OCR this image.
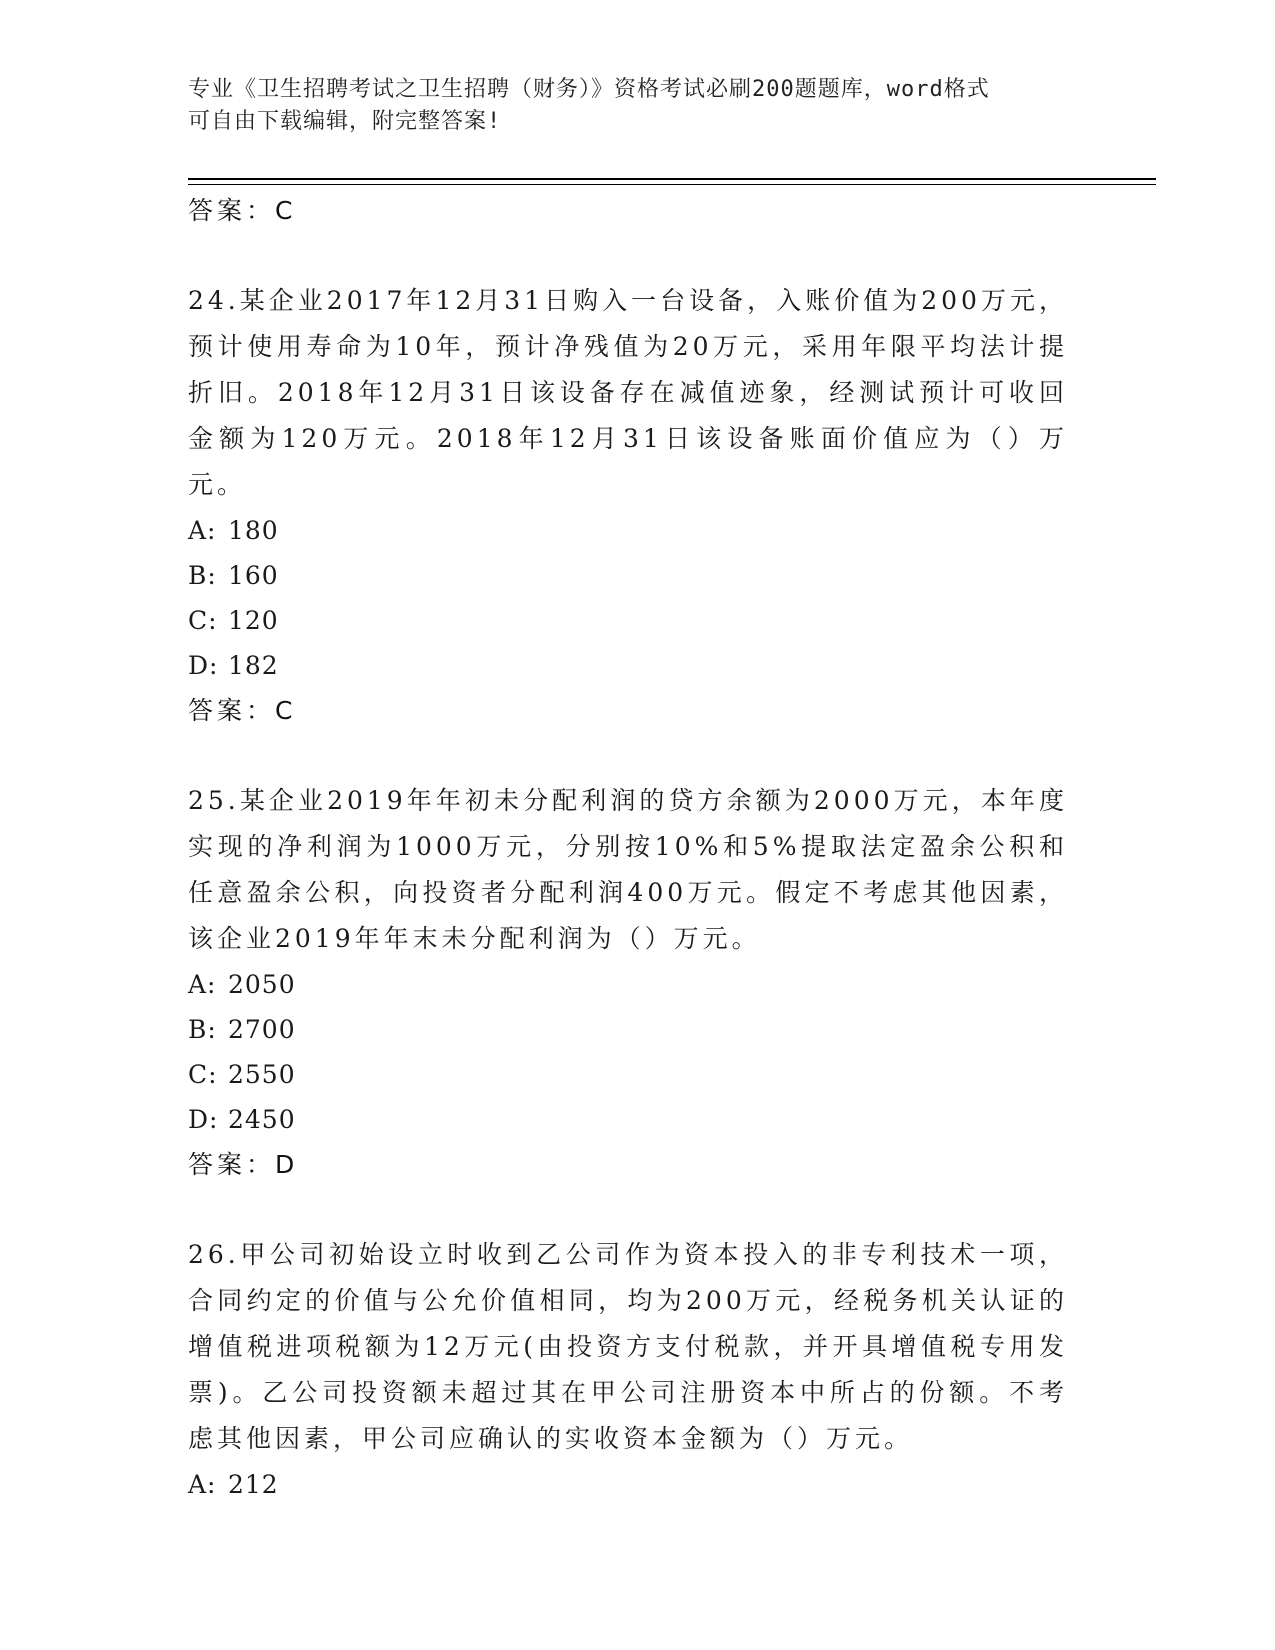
专业《卫生招聘考试之卫生招聘（财务）》资格考试必刷200题题库，word格式
可自由下载编辑，附完整答案!
答案：C
24.某企业2017年12月31日购入一台设备，入账价值为200万元，预计使用寿命为10年，预计净残值为20万元，采用年限平均法计提折旧。2018年12月31日该设备存在减值迹象，经测试预计可收回金额为120万元。2018年12月31日该设备账面价值应为（）万元。
A: 180
B: 160
C: 120
D: 182
答案：C
25.某企业2019年年初未分配利润的贷方余额为2000万元，本年度实现的净利润为1000万元，分别按10%和5%提取法定盈余公积和任意盈余公积，向投资者分配利润400万元。假定不考虑其他因素，该企业2019年年末未分配利润为（）万元。
A: 2050
B: 2700
C: 2550
D: 2450
答案：D
26.甲公司初始设立时收到乙公司作为资本投入的非专利技术一项，合同约定的价值与公允价值相同，均为200万元，经税务机关认证的增值税进项税额为12万元(由投资方支付税款，并开具增值税专用发票)。乙公司投资额未超过其在甲公司注册资本中所占的份额。不考虑其他因素，甲公司应确认的实收资本金额为（）万元。
A: 212
